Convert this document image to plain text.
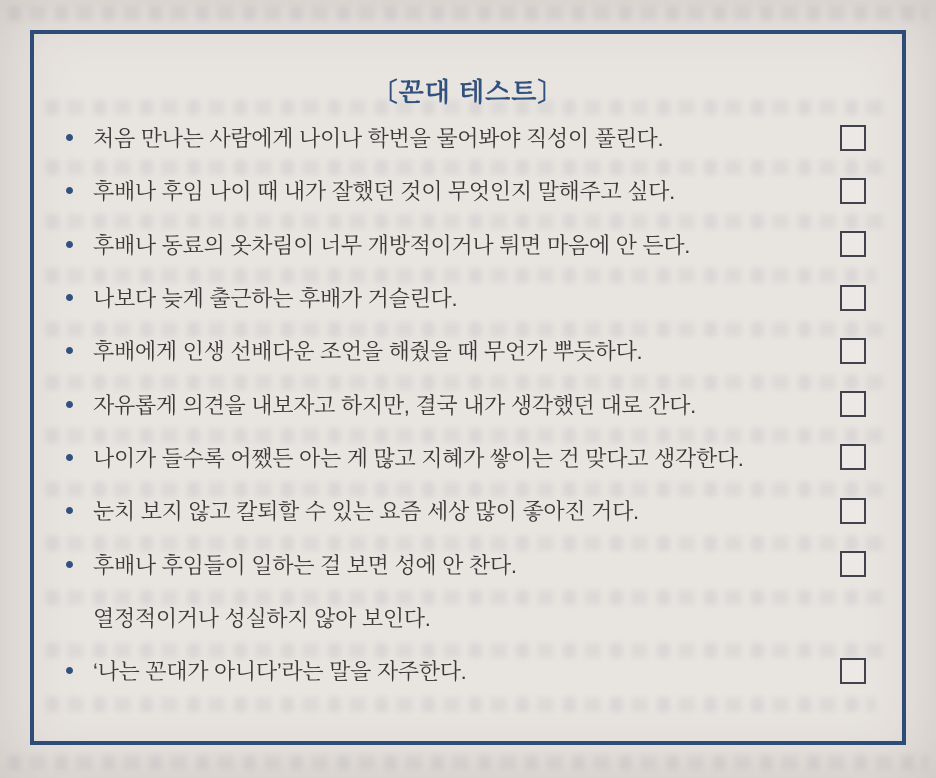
〔꼰대 테스트〕
처음 만나는 사람에게 나이나 학번을 물어봐야 직성이 풀린다.
후배나 후임 나이 때 내가 잘했던 것이 무엇인지 말해주고 싶다.
후배나 동료의 옷차림이 너무 개방적이거나 튀면 마음에 안 든다.
나보다 늦게 출근하는 후배가 거슬린다.
후배에게 인생 선배다운 조언을 해줬을 때 무언가 뿌듯하다.
자유롭게 의견을 내보자고 하지만, 결국 내가 생각했던 대로 간다.
나이가 들수록 어쨌든 아는 게 많고 지혜가 쌓이는 건 맞다고 생각한다.
눈치 보지 않고 칼퇴할 수 있는 요즘 세상 많이 좋아진 거다.
후배나 후임들이 일하는 걸 보면 성에 안 찬다.
열정적이거나 성실하지 않아 보인다.
‘나는 꼰대가 아니다’라는 말을 자주한다.
